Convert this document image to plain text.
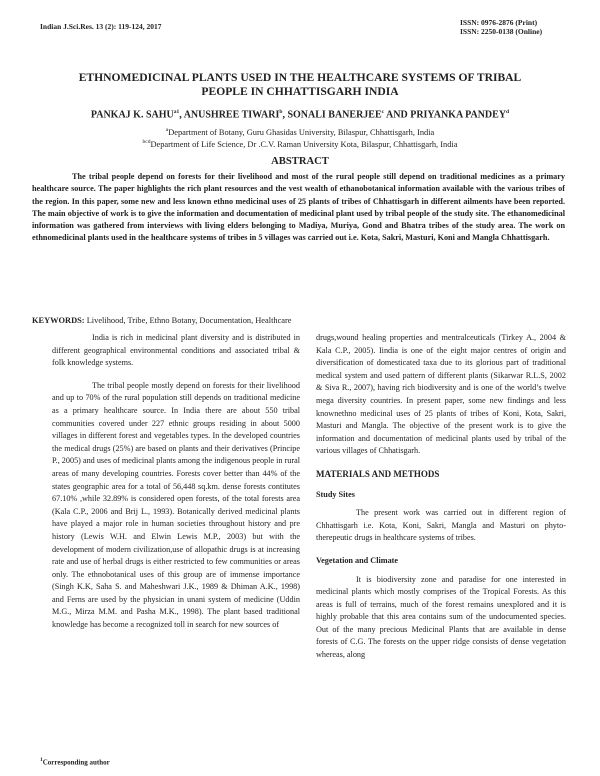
Indian J.Sci.Res. 13 (2): 119-124, 2017	ISSN: 0976-2876 (Print)
ISSN: 2250-0138 (Online)
ETHNOMEDICINAL PLANTS USED IN THE HEALTHCARE SYSTEMS OF TRIBAL
PEOPLE IN CHHATTISGARH INDIA
PANKAJ K. $SAHU^{a1}$, ANUSHREE TIWARI$^b$, SONALI BANERJEE$^c$ AND PRIYANKA PANDEY$^d$
$^a$Department of Botany, Guru Ghasidas University, Bilaspur, Chhattisgarh, India
$^{bcd}$Department of Life Science, Dr .C.V. Raman University Kota, Bilaspur, Chhattisgarh, India
ABSTRACT
The tribal people depend on forests for their livelihood and most of the rural people still depend on traditional medicines as a primary healthcare source. The paper highlights the rich plant resources and the vest wealth of ethanobotanical information available with the various tribes of the region. In this paper, some new and less known ethno medicinal uses of 25 plants of tribes of Chhattisgarh in different ailments have been reported. The main objective of work is to give the information and documentation of medicinal plant used by tribal people of the study site. The ethanomedicinal information was gathered from interviews with living elders belonging to Madiya, Muriya, Gond and Bhatra tribes of the study area. The work on ethnomedicinal plants used in the healthcare systems of tribes in 5 villages was carried out i.e. Kota, Sakri, Masturi, Koni and Mangla Chhattisgarh.
KEYWORDS: Livelihood, Tribe, Ethno Botany, Documentation, Healthcare

India is rich in medicinal plant diversity and is distributed in different geographical environmental conditions and associated tribal & folk knowledge systems.

The tribal people mostly depend on forests for their livelihood and up to 70% of the rural population still depends on traditional medicine as a primary healthcare source. In India there are about 550 tribal communities covered under 227 ethnic groups residing in about 5000 villages in different forest and vegetables types. In the developed countries the medical drugs (25%) are based on plants and their derivatives (Principe P., 2005) and uses of medicinal plants among the indigenous people in rural areas of many developing countries. Forests cover better than 44% of the states geographic area for a total of 56,448 sq.km. dense forests contitutes 67.10% ,while 32.89% is considered open forests, of the total forests area (Kala C.P., 2006 and Brij L., 1993). Botanically derived medicinal plants have played a major role in human societies throughout history and pre history (Lewis W.H. and Elwin Lewis M.P., 2003) but with the development of modern civilization,use of allopathic drugs is at increasing rate and use of herbal drugs is either restricted to few communities or areas only. The ethnobotanical uses of this group are of immense importance (Singh K.K, Saha S. and Maheshwari J.K., 1989 & Dhiman A.K., 1998) and Ferns are used by the physician in unani system of medicine (Uddin M.G., Mirza M.M. and Pasha M.K., 1998). The plant based traditional knowledge has become a recognized toll in search for new sources of

drugs,wound healing properties and mentralceuticals (Tirkey A., 2004 & Kala C.P., 2005). Iindia is one of the eight major centres of origin and diversification of domesticated taxa due to its glorious part of traditional medical system and used pattern of different plants (Sikarwar R.L.S, 2002 & Siva R., 2007), having rich biodiversity and is one of the world’s twelve mega diversity countries. In present paper, some new findings and less knownethno medicinal uses of 25 plants of tribes of Koni, Kota, Sakri, Masturi and Mangla. The objective of the present work is to give the information and documentation of medicinal plants used by tribal of the various villages of Chhatisgarh.

MATERIALS AND METHODS
Study Sites

The present work was carried out in different region of Chhattisgarh i.e. Kota, Koni, Sakri, Mangla and Masturi on phyto-therepeutic drugs in healthcare systems of tribes.

Vegetation and Climate

It is biodiversity zone and paradise for one interested in medicinal plants which mostly comprises of the Tropical Forests. As this areas is full of terrains, much of the forest remains unexplored and it is highly probable that this area contains sum of the undocumented species. Out of the many precious Medicinal Plants that are available in dense forests of C.G. The forests on the upper ridge consists of dense vegetation whereas, along

$^1$Corresponding author
